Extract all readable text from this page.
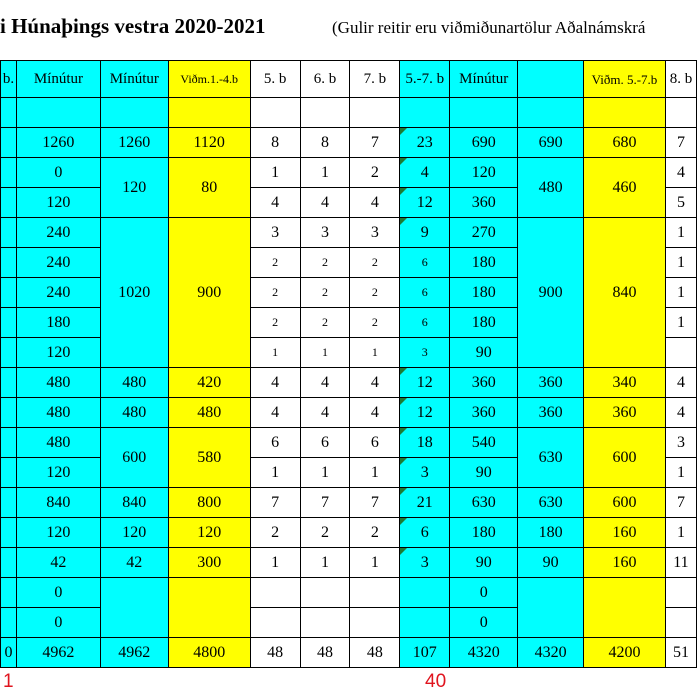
i Húnaþings vestra 2020-2021	(Gulir reitir eru viðmiðunartölur Aðalnámskrá
b.	Mínútur	Mínútur	Viðm.1.-4.b	5. b	6. b	7. b	5.-7. b	Mínútur		Viðm. 5.-7.b	8. b

	1260	1260	1120	8	8	7	23	690	690	680	7
	0	120	80	1	1	2	4	120	480	460	4
	120			4	4	4	12	360			5
	240	1020	900	3	3	3	9	270	900	840	1
	240			2	2	2	6	180			1
	240			2	2	2	6	180			1
	180			2	2	2	6	180			1
	120			1	1	1	3	90			
	480	480	420	4	4	4	12	360	360	340	4
	480	480	480	4	4	4	12	360	360	360	4
	480	600	580	6	6	6	18	540	630	600	3
	120			1	1	1	3	90			1
	840	840	800	7	7	7	21	630	630	600	7
	120	120	120	2	2	2	6	180	180	160	1
	42	42	300	1	1	1	3	90	90	160	11
	0							0			
	0							0			
0	4962	4962	4800	48	48	48	107	4320	4320	4200	51
1	40
